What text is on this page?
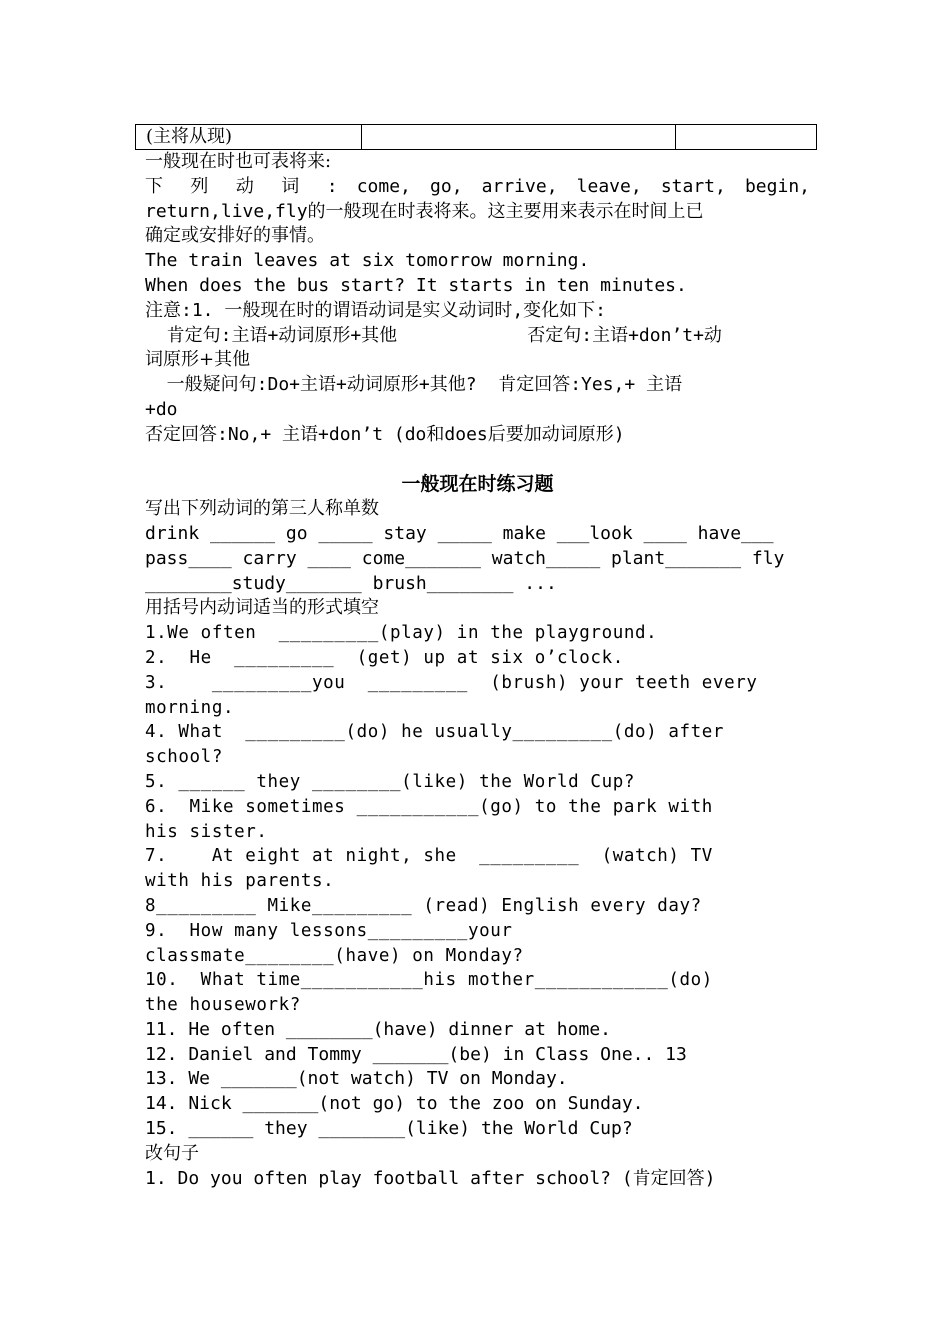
(主将从现)		
一般现在时也可表将来:
下 列 动 词 : come, go, arrive, leave, start, begin,
return,live,fly的一般现在时表将来。这主要用来表示在时间上已
确定或安排好的事情。
The train leaves at six tomorrow morning.
When does the bus start? It starts in ten minutes.
注意:1. 一般现在时的谓语动词是实义动词时,变化如下:
肯定句:主语+动词原形+其他            否定句:主语+don’t+动
词原形+其他
一般疑问句:Do+主语+动词原形+其他?  肯定回答:Yes,+ 主语
+do
否定回答:No,+ 主语+don’t (do和does后要加动词原形)
一般现在时练习题
写出下列动词的第三人称单数
drink ______ go _____ stay _____ make ___look ____ have___
pass____ carry ____ come_______ watch_____ plant_______ fly
________study_______ brush________ ...
用括号内动词适当的形式填空
1.We often  _________(play) in the playground.
2.  He  _________  (get) up at six o’clock.
3.    _________you  _________  (brush) your teeth every
morning.
4. What  _________(do) he usually_________(do) after
school?
5. ______ they ________(like) the World Cup?
6.  Mike sometimes ___________(go) to the park with
his sister.
7.    At eight at night, she  _________  (watch) TV
with his parents.
8_________ Mike_________ (read) English every day?
9.  How many lessons_________your
classmate________(have) on Monday?
10.  What time___________his mother____________(do)
the housework?
11. He often ________(have) dinner at home.
12. Daniel and Tommy _______(be) in Class One.. 13
13. We _______(not watch) TV on Monday.
14. Nick _______(not go) to the zoo on Sunday.
15. ______ they ________(like) the World Cup?
改句子
1. Do you often play football after school? (肯定回答)
